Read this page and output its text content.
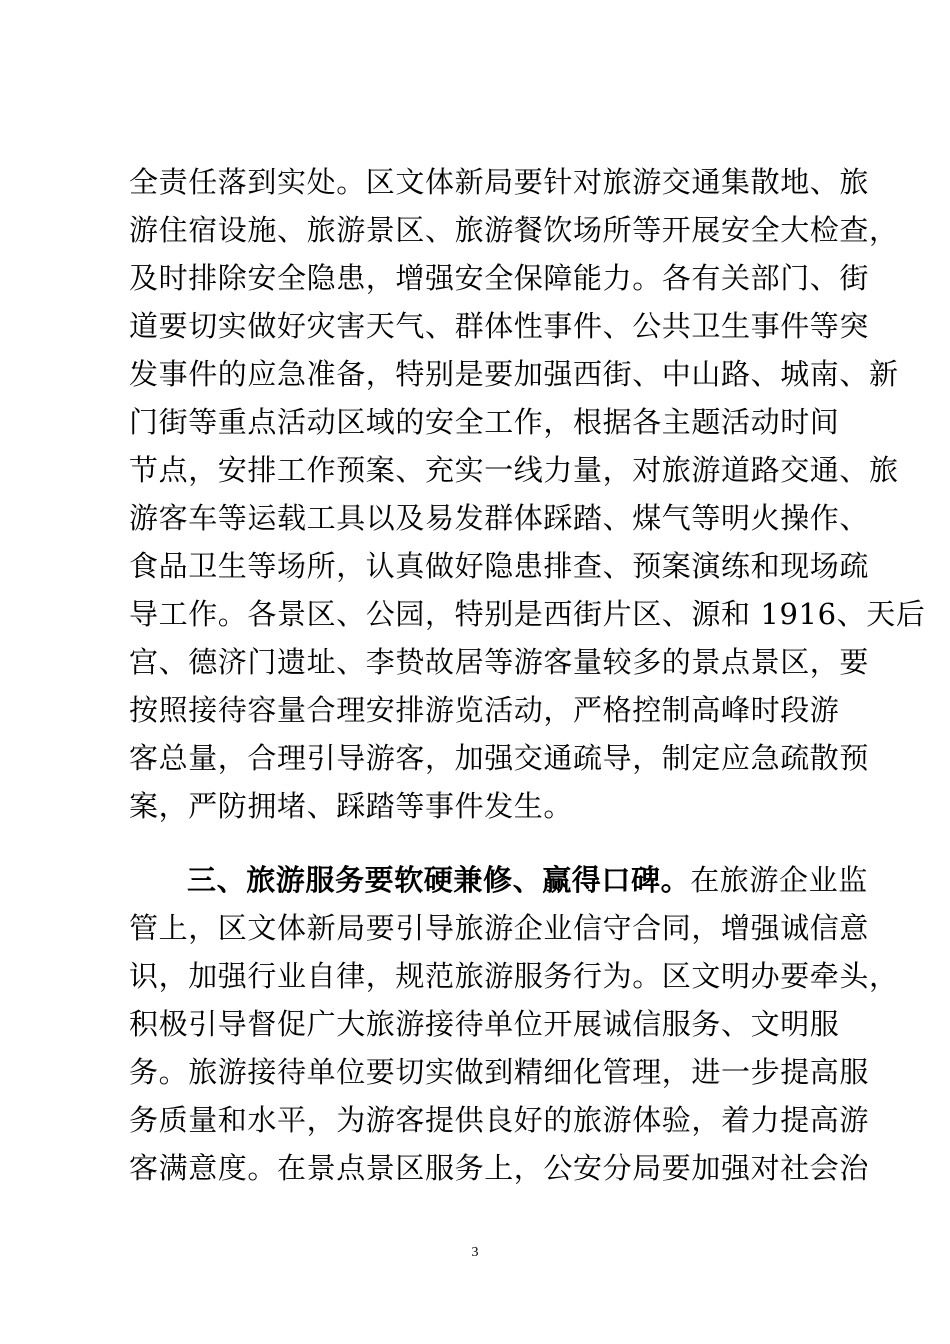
全责任落到实处。区文体新局要针对旅游交通集散地、旅
游住宿设施、旅游景区、旅游餐饮场所等开展安全大检查，
及时排除安全隐患，增强安全保障能力。各有关部门、街
道要切实做好灾害天气、群体性事件、公共卫生事件等突
发事件的应急准备，特别是要加强西街、中山路、城南、新
门街等重点活动区域的安全工作，根据各主题活动时间
节点，安排工作预案、充实一线力量，对旅游道路交通、旅
游客车等运载工具以及易发群体踩踏、煤气等明火操作、
食品卫生等场所，认真做好隐患排查、预案演练和现场疏
导工作。各景区、公园，特别是西街片区、源和 1916、天后
宫、德济门遗址、李贽故居等游客量较多的景点景区，要
按照接待容量合理安排游览活动，严格控制高峰时段游
客总量，合理引导游客，加强交通疏导，制定应急疏散预
案，严防拥堵、踩踏等事件发生。
三、旅游服务要软硬兼修、赢得口碑。在旅游企业监
管上，区文体新局要引导旅游企业信守合同，增强诚信意
识，加强行业自律，规范旅游服务行为。区文明办要牵头，
积极引导督促广大旅游接待单位开展诚信服务、文明服
务。旅游接待单位要切实做到精细化管理，进一步提高服
务质量和水平，为游客提供良好的旅游体验，着力提高游
客满意度。在景点景区服务上，公安分局要加强对社会治
3
